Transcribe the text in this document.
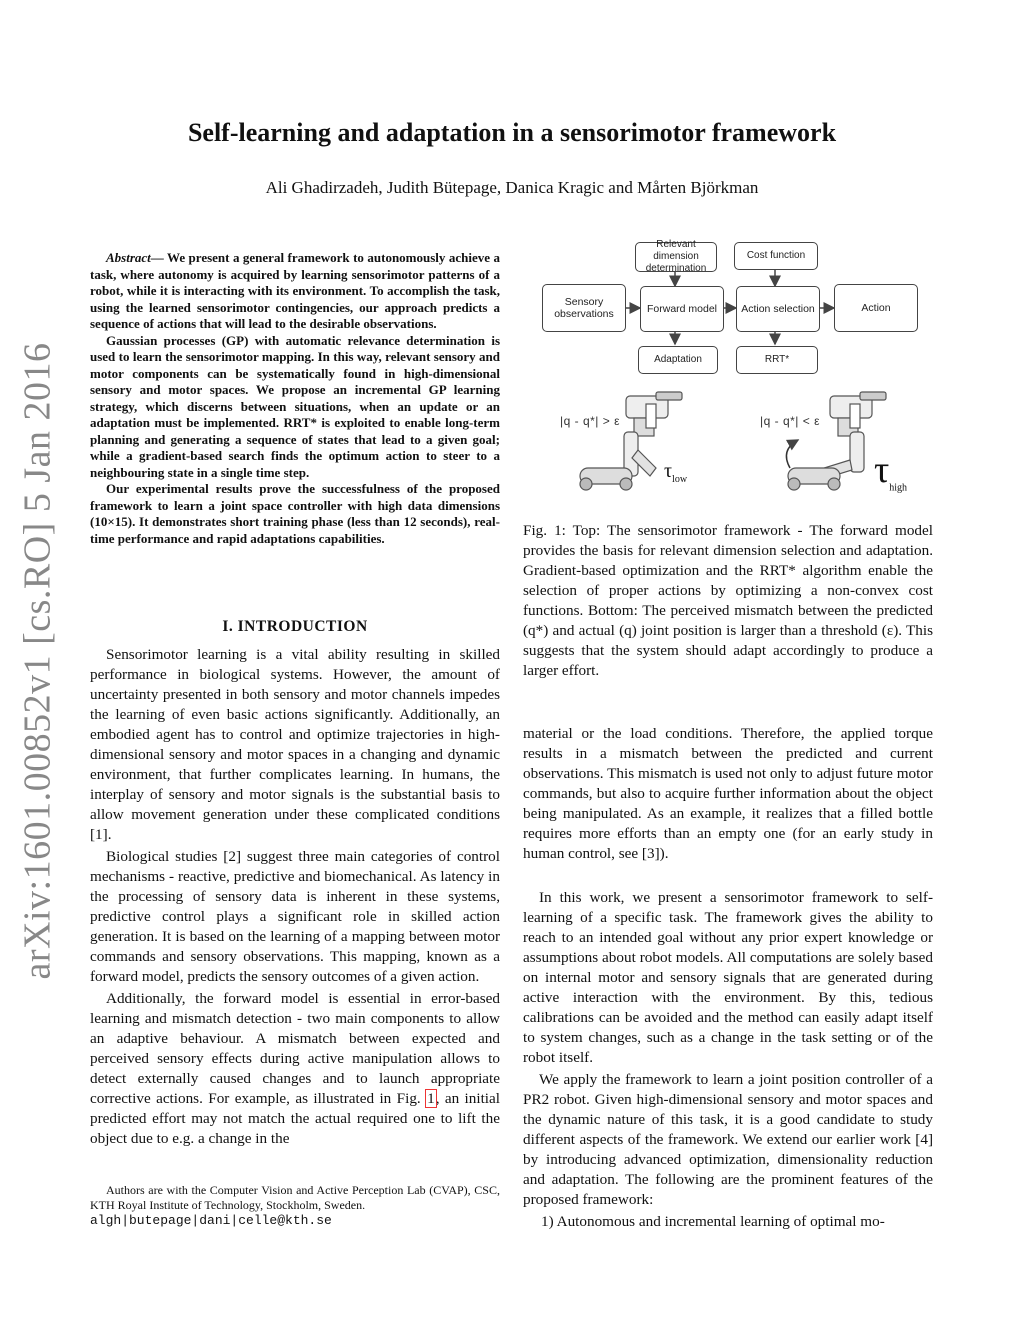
arXiv:1601.00852v1 [cs.RO] 5 Jan 2016
Self-learning and adaptation in a sensorimotor framework
Ali Ghadirzadeh, Judith Bütepage, Danica Kragic and Mårten Björkman

Abstract— We present a general framework to autonomously achieve a task, where autonomy is acquired by learning sensorimotor patterns of a robot, while it is interacting with its environment. To accomplish the task, using the learned sensorimotor contingencies, our approach predicts a sequence of actions that will lead to the desirable observations.

Gaussian processes (GP) with automatic relevance determination is used to learn the sensorimotor mapping. In this way, relevant sensory and motor components can be systematically found in high-dimensional sensory and motor spaces. We propose an incremental GP learning strategy, which discerns between situations, when an update or an adaptation must be implemented. RRT* is exploited to enable long-term planning and generating a sequence of states that lead to a given goal; while a gradient-based search finds the optimum action to steer to a neighbouring state in a single time step.

Our experimental results prove the successfulness of the proposed framework to learn a joint space controller with high data dimensions (10×15). It demonstrates short training phase (less than 12 seconds), real-time performance and rapid adaptations capabilities.

I. INTRODUCTION

Sensorimotor learning is a vital ability resulting in skilled performance in biological systems. However, the amount of uncertainty presented in both sensory and motor channels impedes the learning of even basic actions significantly. Additionally, an embodied agent has to control and optimize trajectories in high-dimensional sensory and motor spaces in a changing and dynamic environment, that further complicates learning. In humans, the interplay of sensory and motor signals is the substantial basis to allow movement generation under these complicated conditions [1].

Biological studies [2] suggest three main categories of control mechanisms - reactive, predictive and biomechanical. As latency in the processing of sensory data is inherent in these systems, predictive control plays a significant role in skilled action generation. It is based on the learning of a mapping between motor commands and sensory observations. This mapping, known as a forward model, predicts the sensory outcomes of a given action.

Additionally, the forward model is essential in error-based learning and mismatch detection - two main components to allow an adaptive behaviour. A mismatch between expected and perceived sensory effects during active manipulation allows to detect externally caused changes and to launch appropriate corrective actions. For example, as illustrated in Fig. 1, an initial predicted effort may not match the actual required one to lift the object due to e.g. a change in the

Authors are with the Computer Vision and Active Perception Lab (CVAP), CSC, KTH Royal Institute of Technology, Stockholm, Sweden.

algh|butepage|dani|celle@kth.se

Sensory observations
Relevant dimension determination
Forward model
Adaptation
Cost function
Action selection
RRT*
Action
|q - q*| > ε	|q - q*| < ε
$\tau_{low}$	$\tau_{high}$

Fig. 1: Top: The sensorimotor framework - The forward model provides the basis for relevant dimension selection and adaptation. Gradient-based optimization and the RRT* algorithm enable the selection of proper actions by optimizing a non-convex cost functions. Bottom: The perceived mismatch between the predicted (q*) and actual (q) joint position is larger than a threshold (ε). This suggests that the system should adapt accordingly to produce a larger effort.

material or the load conditions. Therefore, the applied torque results in a mismatch between the predicted and current observations. This mismatch is used not only to adjust future motor commands, but also to acquire further information about the object being manipulated. As an example, it realizes that a filled bottle requires more efforts than an empty one (for an early study in human control, see [3]).

In this work, we present a sensorimotor framework to self-learning of a specific task. The framework gives the ability to reach to an intended goal without any prior expert knowledge or assumptions about robot models. All computations are solely based on internal motor and sensory signals that are generated during active interaction with the environment. By this, tedious calibrations can be avoided and the method can easily adapt itself to system changes, such as a change in the task setting or of the robot itself.

We apply the framework to learn a joint position controller of a PR2 robot. Given high-dimensional sensory and motor spaces and the dynamic nature of this task, it is a good candidate to study different aspects of the framework. We extend our earlier work [4] by introducing advanced optimization, dimensionality reduction and adaptation. The following are the prominent features of the proposed framework:

1) Autonomous and incremental learning of optimal mo-
